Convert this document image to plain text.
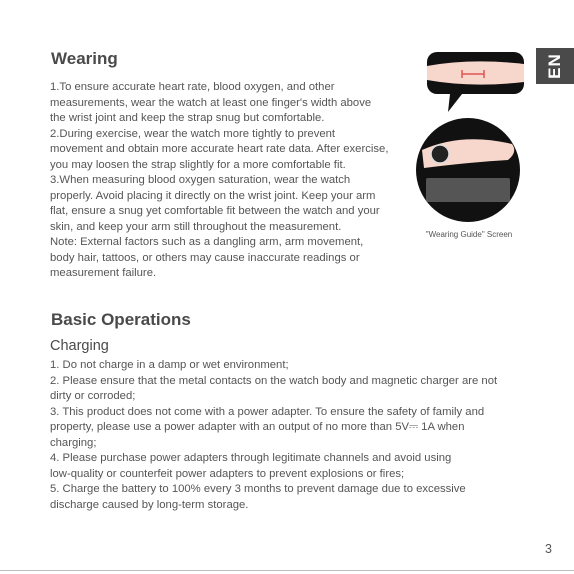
EN
Wearing
1.To ensure accurate heart rate, blood oxygen, and other
measurements, wear the watch at least one finger's width above
the wrist joint and keep the strap snug but comfortable.
2.During exercise, wear the watch more tightly to prevent
movement and obtain more accurate heart rate data. After exercise,
you may loosen the strap slightly for a more comfortable fit.
3.When measuring blood oxygen saturation, wear the watch
properly. Avoid placing it directly on the wrist joint. Keep your arm
flat, ensure a snug yet comfortable fit between the watch and your
skin, and keep your arm still throughout the measurement.
Note: External factors such as a dangling arm, arm movement,
body hair, tattoos, or others may cause inaccurate readings or
measurement failure.
"Wearing Guide" Screen
Basic Operations
Charging
1. Do not charge in a damp or wet environment;
2. Please ensure that the metal contacts on the watch body and magnetic charger are not
dirty or corroded;
3. This product does not come with a power adapter. To ensure the safety of family and
property, please use a power adapter with an output of no more than 5V⎓ 1A when
charging;
4. Please purchase power adapters through legitimate channels and avoid using
low-quality or counterfeit power adapters to prevent explosions or fires;
5. Charge the battery to 100% every 3 months to prevent damage due to excessive
discharge caused by long-term storage.
3
